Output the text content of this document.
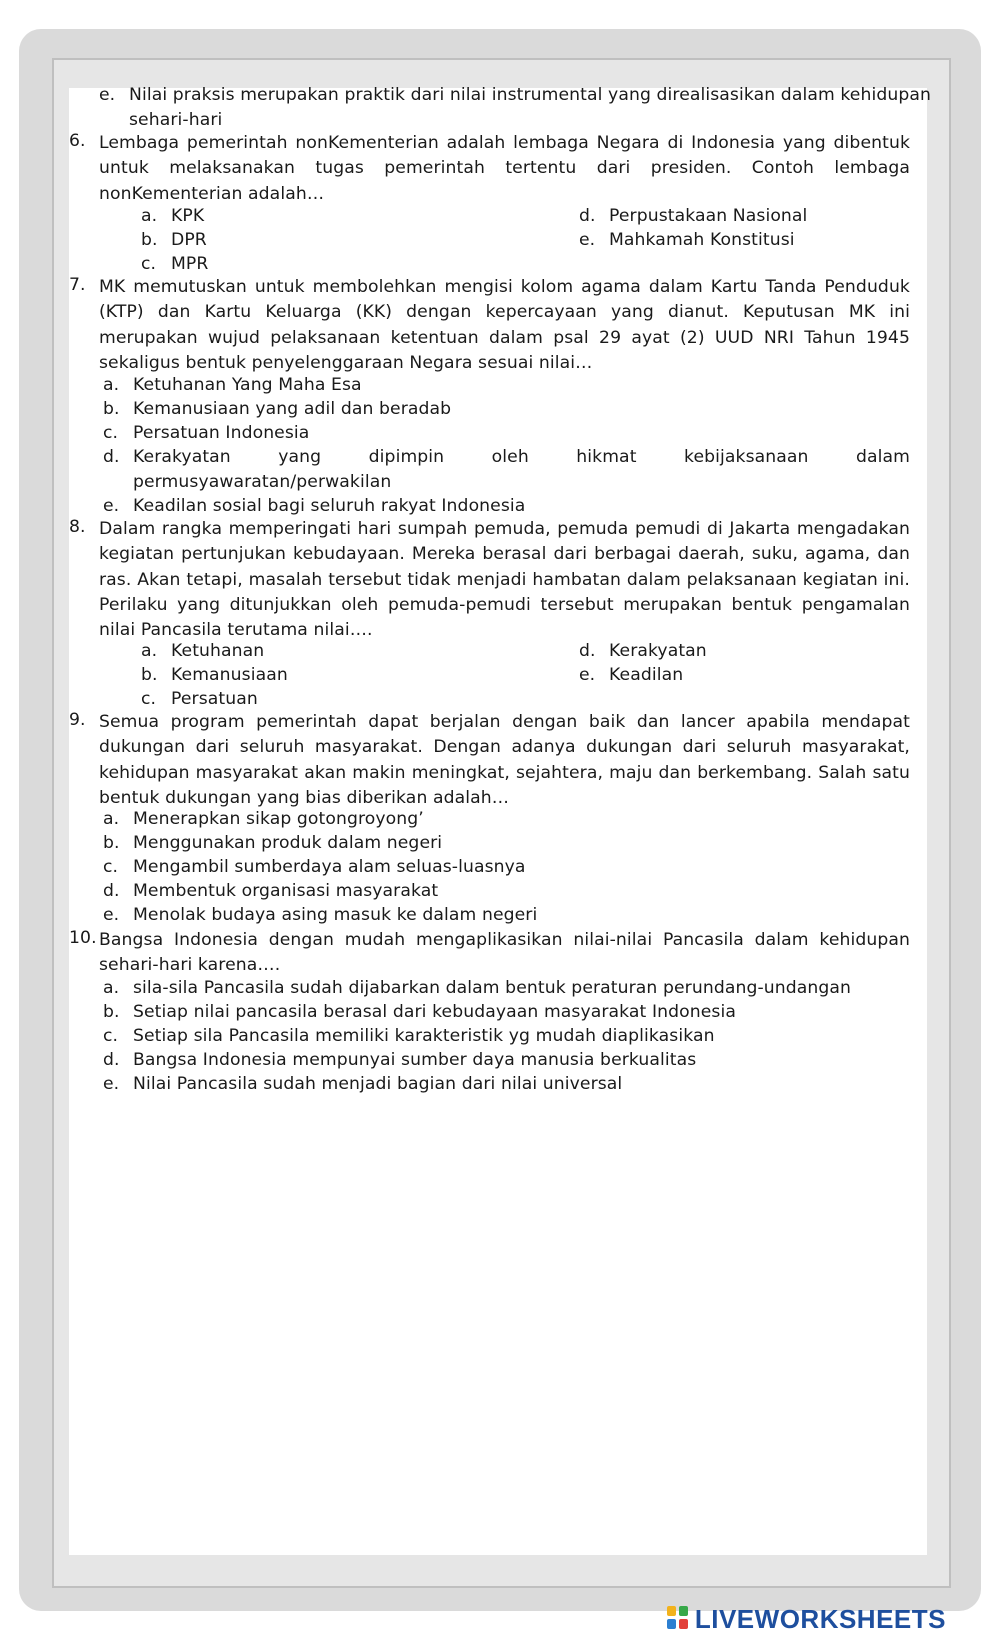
e. Nilai praksis merupakan praktik dari nilai instrumental yang direalisasikan dalam kehidupan
sehari-hari
6. Lembaga pemerintah nonKementerian adalah lembaga Negara di Indonesia yang dibentuk untuk melaksanakan tugas pemerintah tertentu dari presiden. Contoh lembaga nonKementerian adalah…
a. KPK
b. DPR
c. MPR
d. Perpustakaan Nasional
e. Mahkamah Konstitusi
7. MK memutuskan untuk membolehkan mengisi kolom agama dalam Kartu Tanda Penduduk (KTP) dan Kartu Keluarga (KK) dengan kepercayaan yang dianut. Keputusan MK ini merupakan wujud pelaksanaan ketentuan dalam psal 29 ayat (2) UUD NRI Tahun 1945 sekaligus bentuk penyelenggaraan Negara sesuai nilai…
a. Ketuhanan Yang Maha Esa
b. Kemanusiaan yang adil dan beradab
c. Persatuan Indonesia
d. Kerakyatan yang dipimpin oleh hikmat kebijaksanaan dalam permusyawaratan/perwakilan
e. Keadilan sosial bagi seluruh rakyat Indonesia
8. Dalam rangka memperingati hari sumpah pemuda, pemuda pemudi di Jakarta mengadakan kegiatan pertunjukan kebudayaan. Mereka berasal dari berbagai daerah, suku, agama, dan ras. Akan tetapi, masalah tersebut tidak menjadi hambatan dalam pelaksanaan kegiatan ini. Perilaku yang ditunjukkan oleh pemuda-pemudi tersebut merupakan bentuk pengamalan nilai Pancasila terutama nilai….
a. Ketuhanan
b. Kemanusiaan
c. Persatuan
d. Kerakyatan
e. Keadilan
9. Semua program pemerintah dapat berjalan dengan baik dan lancer apabila mendapat dukungan dari seluruh masyarakat. Dengan adanya dukungan dari seluruh masyarakat, kehidupan masyarakat akan makin meningkat, sejahtera, maju dan berkembang. Salah satu bentuk dukungan yang bias diberikan adalah…
a. Menerapkan sikap gotongroyong’
b. Menggunakan produk dalam negeri
c. Mengambil sumberdaya alam seluas-luasnya
d. Membentuk organisasi masyarakat
e. Menolak budaya asing masuk ke dalam negeri
10. Bangsa Indonesia dengan mudah mengaplikasikan nilai-nilai Pancasila dalam kehidupan sehari-hari karena….
a. sila-sila Pancasila sudah dijabarkan dalam bentuk peraturan perundang-undangan
b. Setiap nilai pancasila berasal dari kebudayaan masyarakat Indonesia
c. Setiap sila Pancasila memiliki karakteristik yg mudah diaplikasikan
d. Bangsa Indonesia mempunyai sumber daya manusia berkualitas
e. Nilai Pancasila sudah menjadi bagian dari nilai universal
LIVEWORKSHEETS
